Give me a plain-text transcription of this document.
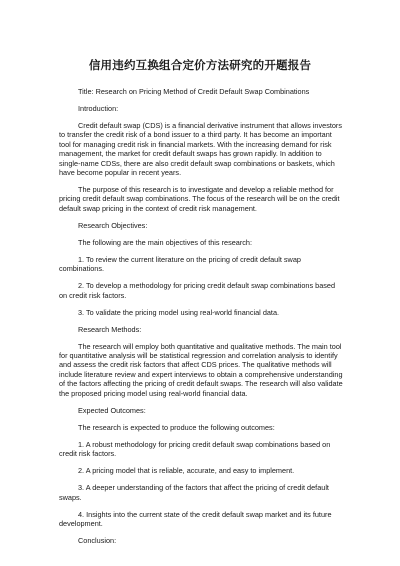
信用违约互换组合定价方法研究的开题报告

Title: Research on Pricing Method of Credit Default Swap Combinations

Introduction:

Credit default swap (CDS) is a financial derivative instrument that allows investors to transfer the credit risk of a bond issuer to a third party. It has become an important tool for managing credit risk in financial markets. With the increasing demand for risk management, the market for credit default swaps has grown rapidly. In addition to single-name CDSs, there are also credit default swap combinations or baskets, which have become popular in recent years.

The purpose of this research is to investigate and develop a reliable method for pricing credit default swap combinations. The focus of the research will be on the credit default swap pricing in the context of credit risk management.

Research Objectives:

The following are the main objectives of this research:

1. To review the current literature on the pricing of credit default swap combinations.

2. To develop a methodology for pricing credit default swap combinations based on credit risk factors.

3. To validate the pricing model using real-world financial data.

Research Methods:

The research will employ both quantitative and qualitative methods. The main tool for quantitative analysis will be statistical regression and correlation analysis to identify and assess the credit risk factors that affect CDS prices. The qualitative methods will include literature review and expert interviews to obtain a comprehensive understanding of the factors affecting the pricing of credit default swaps. The research will also validate the proposed pricing model using real-world financial data.

Expected Outcomes:

The research is expected to produce the following outcomes:

1. A robust methodology for pricing credit default swap combinations based on credit risk factors.

2. A pricing model that is reliable, accurate, and easy to implement.

3. A deeper understanding of the factors that affect the pricing of credit default swaps.

4. Insights into the current state of the credit default swap market and its future development.

Conclusion:
